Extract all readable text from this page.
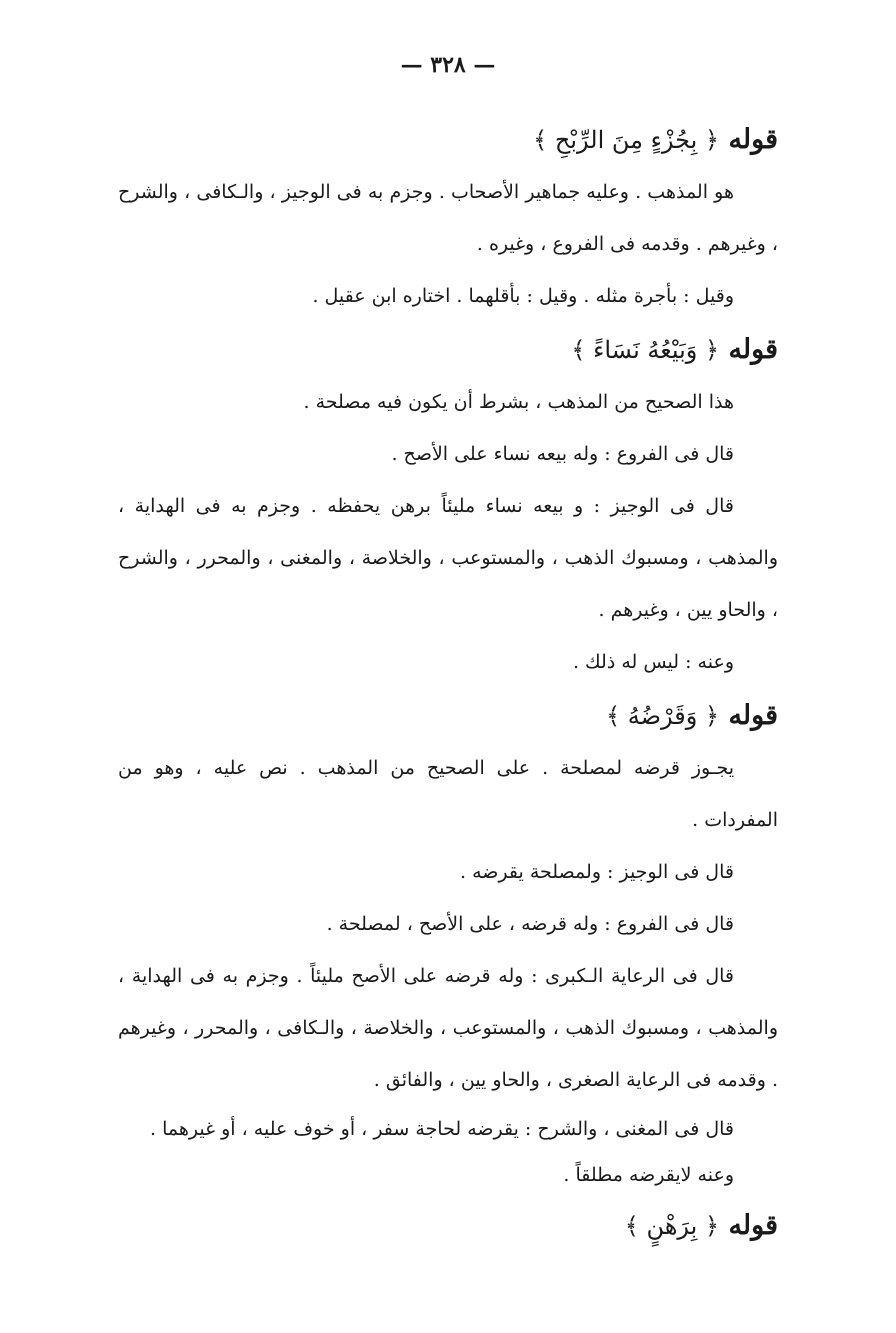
— ٣٢٨ —
قوله ﴿ بِجُزْءٍ مِنَ الرِّبْحِ ﴾

هو المذهب . وعليه جماهير الأصحاب . وجزم به فى الوجيز ، والـكافى ، والشرح ، وغيرهم . وقدمه فى الفروع ، وغيره .

وقيل : بأجرة مثله . وقيل : بأقلهما . اختاره ابن عقيل .

قوله ﴿ وَبَيْعُهُ نَسَاءً ﴾

هذا الصحيح من المذهب ، بشرط أن يكون فيه مصلحة .

قال فى الفروع : وله بيعه نساء على الأصح .

قال فى الوجيز : و بيعه نساء مليئاً برهن يحفظه . وجزم به فى الهداية ، والمذهب ، ومسبوك الذهب ، والمستوعب ، والخلاصة ، والمغنى ، والمحرر ، والشرح ، والحاو يين ، وغيرهم .

وعنه : ليس له ذلك .

قوله ﴿ وَقَرْضُهُ ﴾

يجـوز قرضه لمصلحة . على الصحيح من المذهب . نص عليه ، وهو من المفردات .

قال فى الوجيز : ولمصلحة يقرضه .

قال فى الفروع : وله قرضه ، على الأصح ، لمصلحة .

قال فى الرعاية الـكبرى : وله قرضه على الأصح مليئاً . وجزم به فى الهداية ، والمذهب ، ومسبوك الذهب ، والمستوعب ، والخلاصة ، والـكافى ، والمحرر ، وغيرهم . وقدمه فى الرعاية الصغرى ، والحاو يين ، والفائق .

قال فى المغنى ، والشرح : يقرضه لحاجة سفر ، أو خوف عليه ، أو غيرهما .

وعنه لايقرضه مطلقاً .

قوله ﴿ بِرَهْنٍ ﴾
